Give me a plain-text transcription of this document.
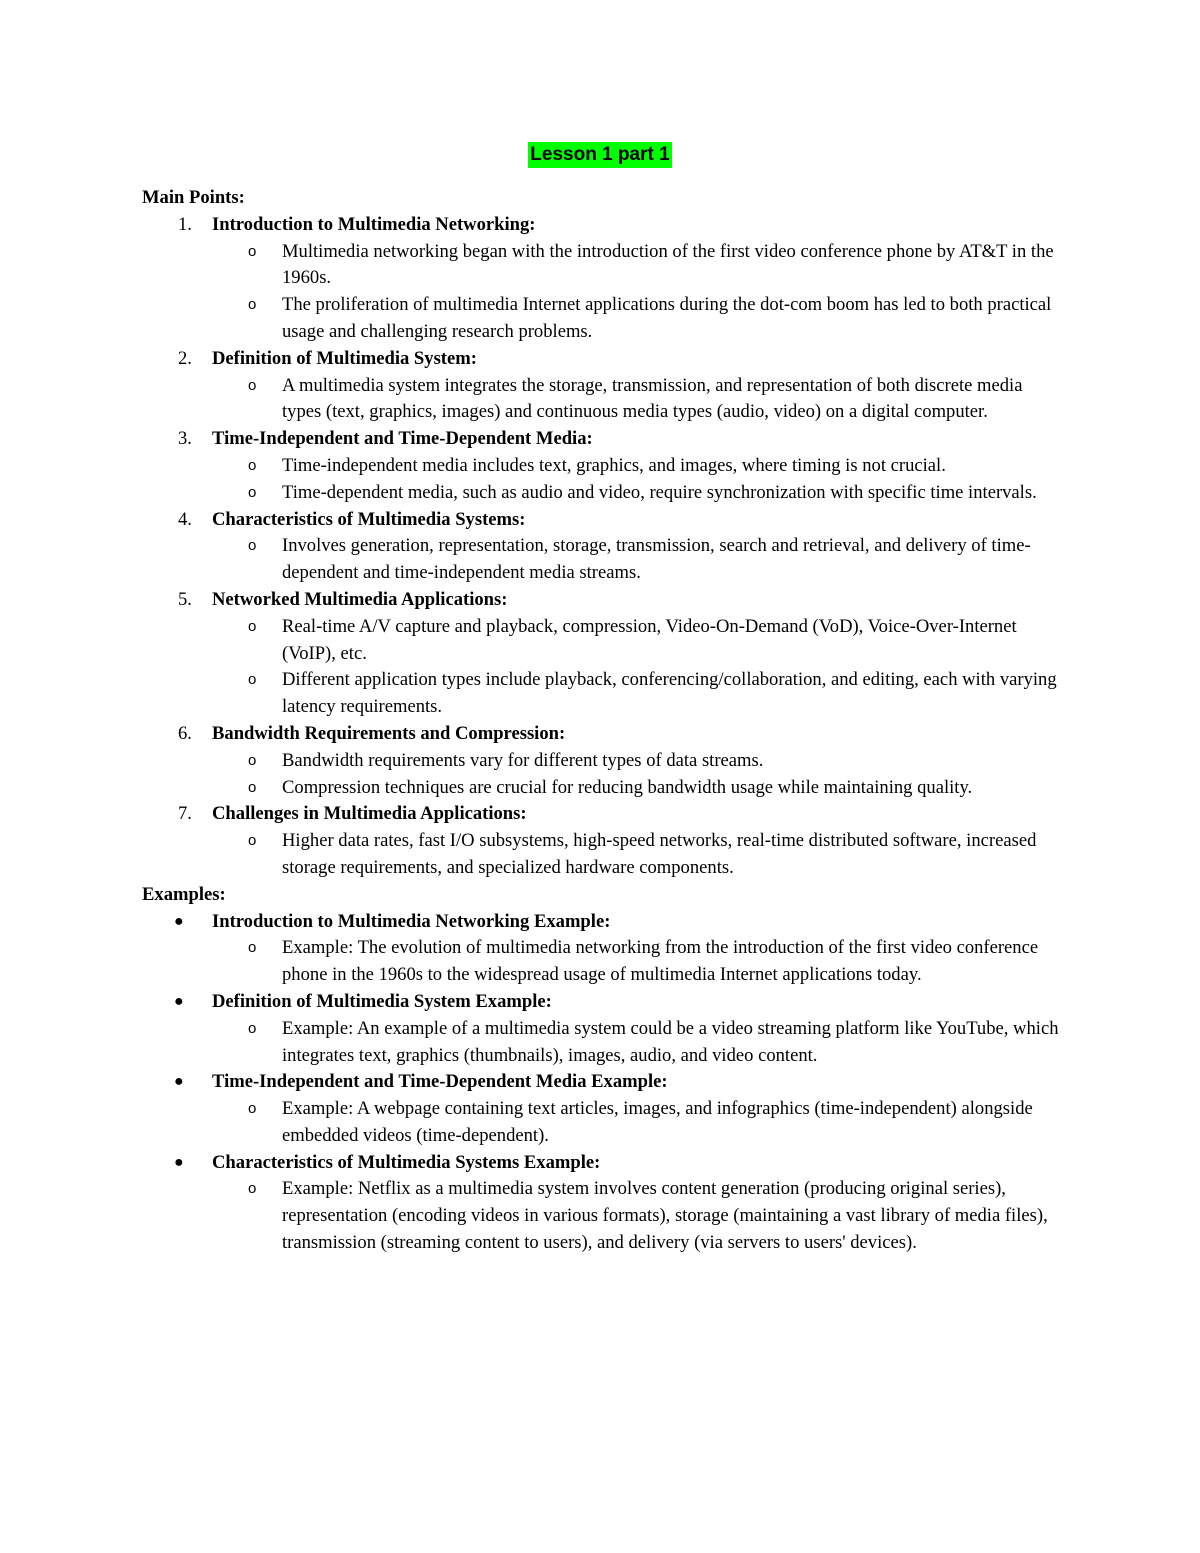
Lesson 1 part 1

Main Points:

1. Introduction to Multimedia Networking:
o Multimedia networking began with the introduction of the first video conference phone by AT&T in the 1960s.
o The proliferation of multimedia Internet applications during the dot-com boom has led to both practical usage and challenging research problems.
2. Definition of Multimedia System:
o A multimedia system integrates the storage, transmission, and representation of both discrete media types (text, graphics, images) and continuous media types (audio, video) on a digital computer.
3. Time-Independent and Time-Dependent Media:
o Time-independent media includes text, graphics, and images, where timing is not crucial.
o Time-dependent media, such as audio and video, require synchronization with specific time intervals.
4. Characteristics of Multimedia Systems:
o Involves generation, representation, storage, transmission, search and retrieval, and delivery of time-dependent and time-independent media streams.
5. Networked Multimedia Applications:
o Real-time A/V capture and playback, compression, Video-On-Demand (VoD), Voice-Over-Internet (VoIP), etc.
o Different application types include playback, conferencing/collaboration, and editing, each with varying latency requirements.
6. Bandwidth Requirements and Compression:
o Bandwidth requirements vary for different types of data streams.
o Compression techniques are crucial for reducing bandwidth usage while maintaining quality.
7. Challenges in Multimedia Applications:
o Higher data rates, fast I/O subsystems, high-speed networks, real-time distributed software, increased storage requirements, and specialized hardware components.

Examples:

● Introduction to Multimedia Networking Example:
o Example: The evolution of multimedia networking from the introduction of the first video conference phone in the 1960s to the widespread usage of multimedia Internet applications today.
● Definition of Multimedia System Example:
o Example: An example of a multimedia system could be a video streaming platform like YouTube, which integrates text, graphics (thumbnails), images, audio, and video content.
● Time-Independent and Time-Dependent Media Example:
o Example: A webpage containing text articles, images, and infographics (time-independent) alongside embedded videos (time-dependent).
● Characteristics of Multimedia Systems Example:
o Example: Netflix as a multimedia system involves content generation (producing original series), representation (encoding videos in various formats), storage (maintaining a vast library of media files), transmission (streaming content to users), and delivery (via servers to users' devices).
